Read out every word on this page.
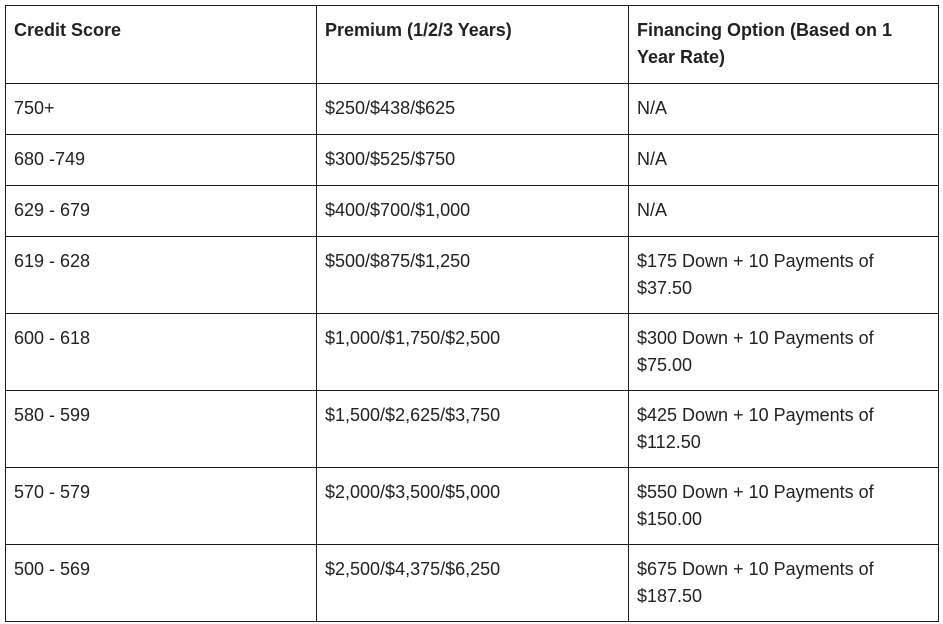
Credit Score	Premium (1/2/3 Years)	Financing Option (Based on 1 Year Rate)
750+	$250/$438/$625	N/A
680 -749	$300/$525/$750	N/A
629 - 679	$400/$700/$1,000	N/A
619 - 628	$500/$875/$1,250	$175 Down + 10 Payments of $37.50
600 - 618	$1,000/$1,750/$2,500	$300 Down + 10 Payments of $75.00
580 - 599	$1,500/$2,625/$3,750	$425 Down + 10 Payments of $112.50
570 - 579	$2,000/$3,500/$5,000	$550 Down + 10 Payments of $150.00
500 - 569	$2,500/$4,375/$6,250	$675 Down + 10 Payments of $187.50
